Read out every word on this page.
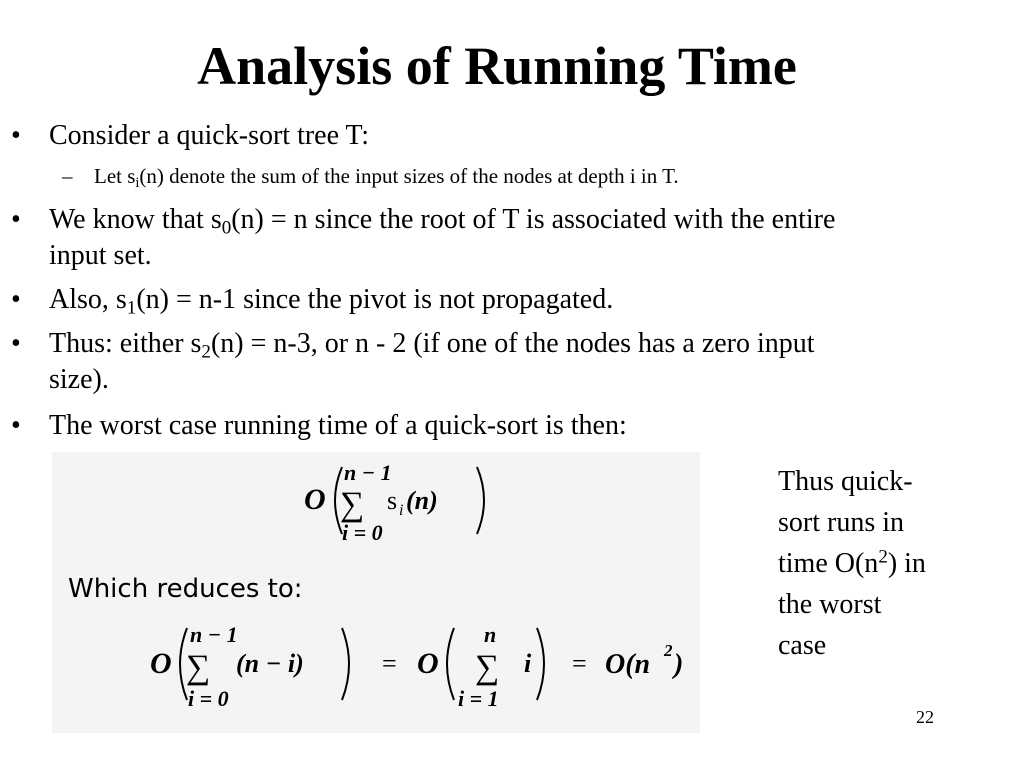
Analysis of Running Time
• Consider a quick-sort tree T:
– Let $s_i(n)$ denote the sum of the input sizes of the nodes at depth i in T.
• We know that $s_0(n) = n$ since the root of T is associated with the entire
input set.
• Also, $s_1(n) = n-1$ since the pivot is not propagated.
• Thus: either $s_2(n) = n-3$, or n - 2 (if one of the nodes has a zero input
size).
• The worst case running time of a quick-sort is then:
O
n − 1
∑
i = 0
s i (n)
Which reduces to:
O
n − 1
∑
i = 0
(n − i)	= O
n
∑
i = 1
i = O(n 2 )
Thus quick-
sort runs in
time $O(n^2)$ in
the worst
case
22
